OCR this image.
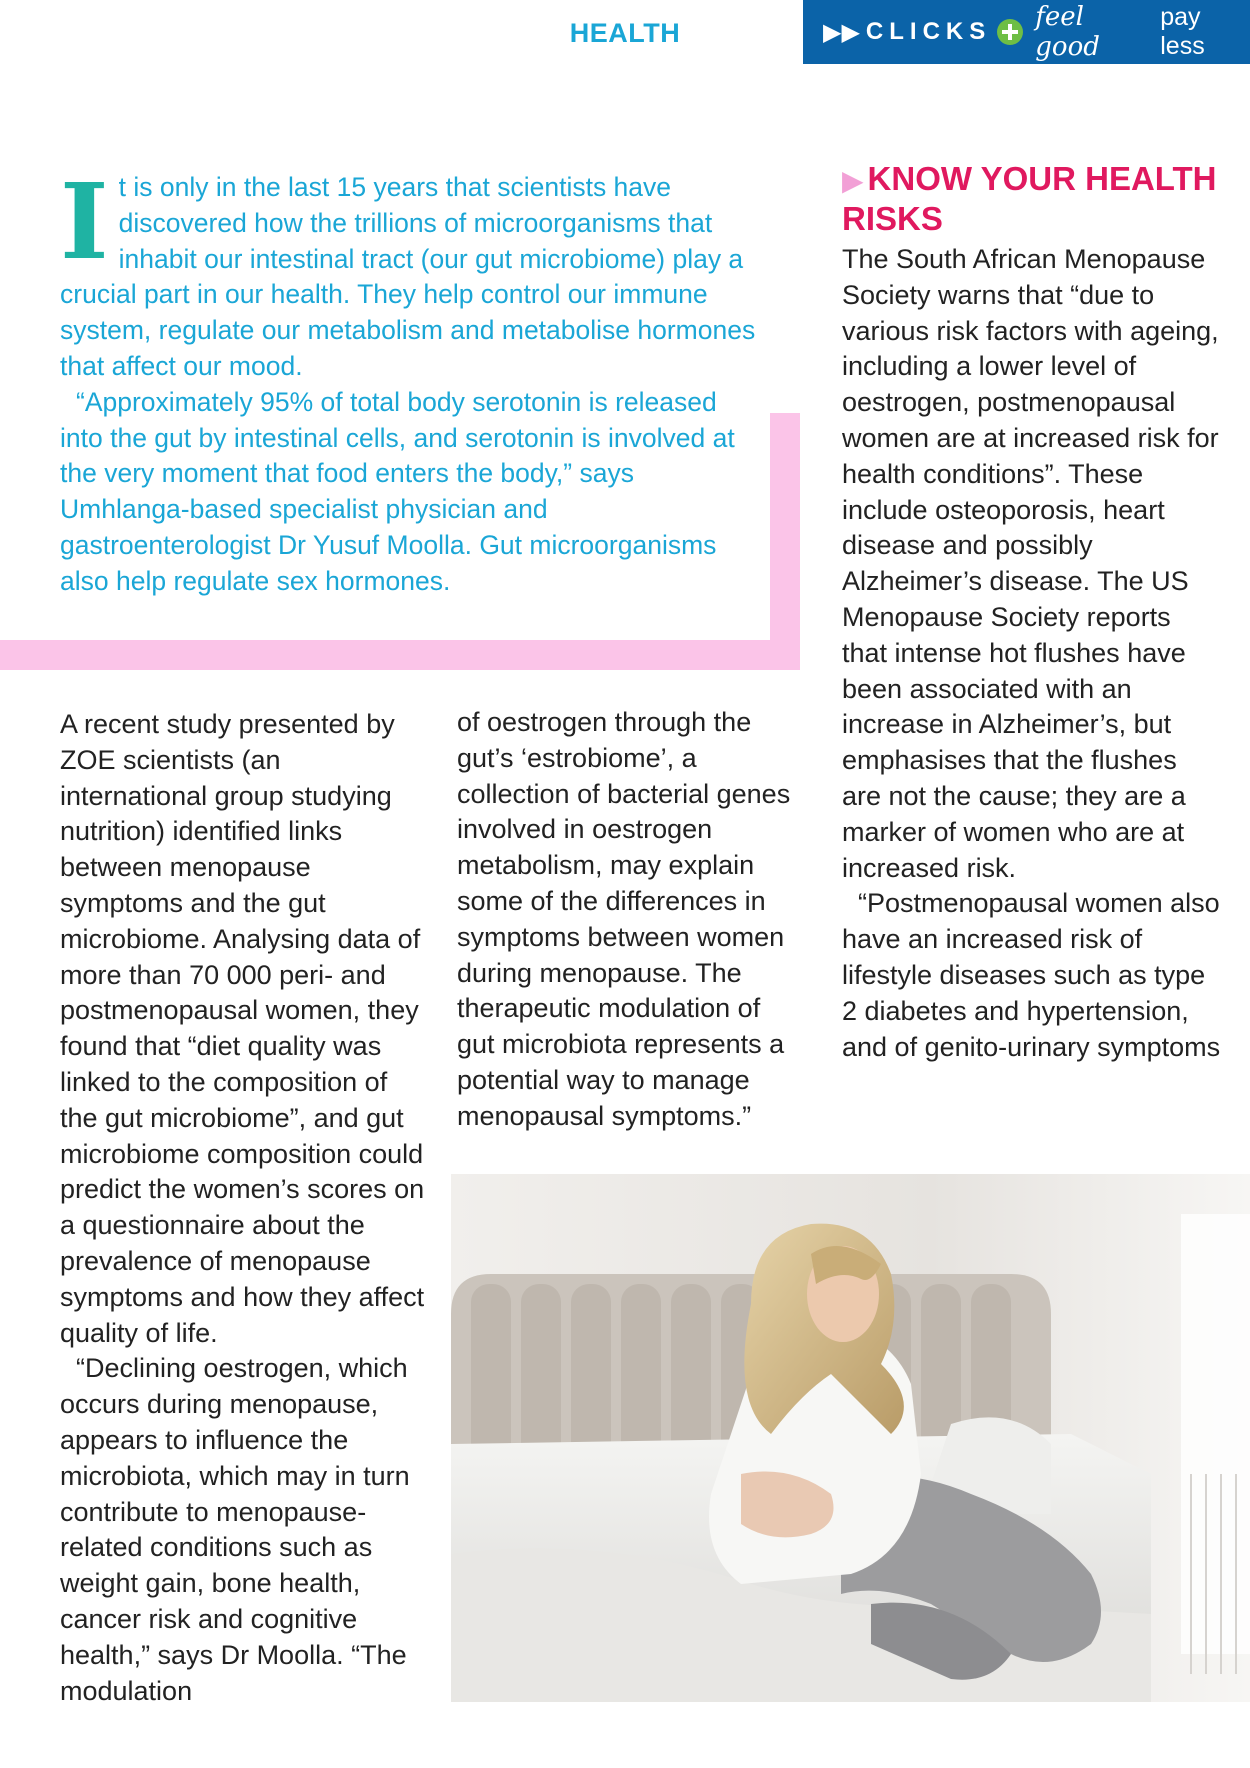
HEALTH	▶▶ CLICKS feel good
pay less

It is only in the last 15 years that scientists have discovered how the trillions of microorganisms that inhabit our intestinal tract (our gut microbiome) play a crucial part in our health. They help control our immune system, regulate our metabolism and metabolise hormones that affect our mood.

“Approximately 95% of total body serotonin is released into the gut by intestinal cells, and serotonin is involved at the very moment that food enters the body,” says Umhlanga-based specialist physician and gastroenterologist Dr Yusuf Moolla. Gut microorganisms also help regulate sex hormones.

A recent study presented by ZOE scientists (an international group studying nutrition) identified links between menopause symptoms and the gut microbiome. Analysing data of more than 70 000 peri- and postmenopausal women, they found that “diet quality was linked to the composition of the gut microbiome”, and gut microbiome composition could predict the women’s scores on a questionnaire about the prevalence of menopause symptoms and how they affect quality of life.

“Declining oestrogen, which occurs during menopause, appears to influence the microbiota, which may in turn contribute to menopause-related conditions such as weight gain, bone health, cancer risk and cognitive health,” says Dr Moolla. “The modulation

of oestrogen through the gut’s ‘estrobiome’, a collection of bacterial genes involved in oestrogen metabolism, may explain some of the differences in symptoms between women during menopause. The therapeutic modulation of gut microbiota represents a potential way to manage menopausal symptoms.”

▶ KNOW YOUR HEALTH RISKS

The South African Menopause Society warns that “due to various risk factors with ageing, including a lower level of oestrogen, postmenopausal women are at increased risk for health conditions”. These include osteoporosis, heart disease and possibly Alzheimer’s disease. The US Menopause Society reports that intense hot flushes have been associated with an increase in Alzheimer’s, but emphasises that the flushes are not the cause; they are a marker of women who are at increased risk.

“Postmenopausal women also have an increased risk of lifestyle diseases such as type 2 diabetes and hypertension, and of genito-urinary symptoms
